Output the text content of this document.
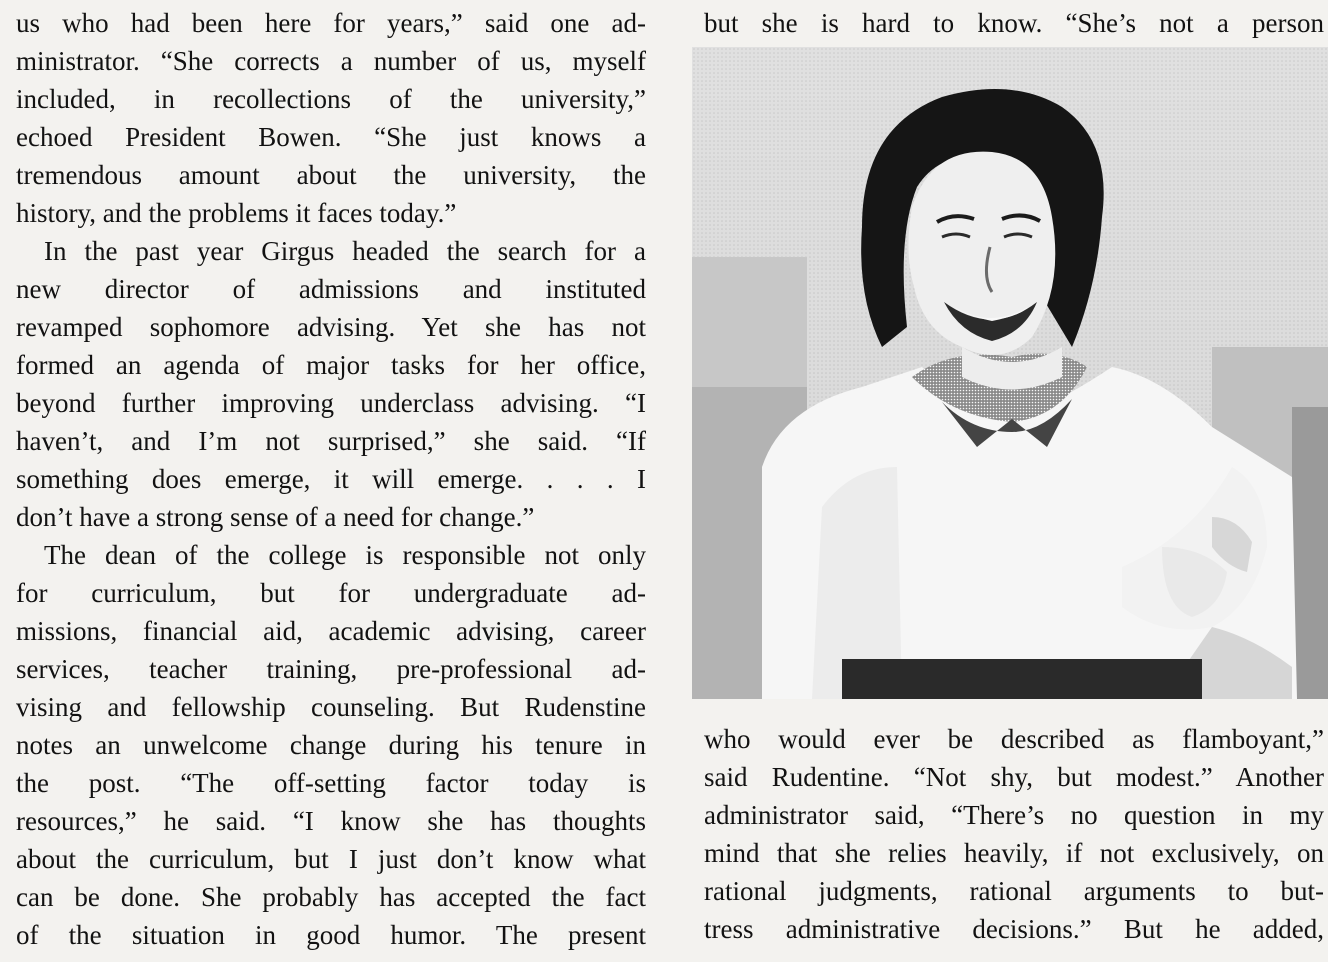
us who had been here for years,” said one ad-
ministrator. “She corrects a number of us, myself
included, in recollections of the university,”
echoed President Bowen. “She just knows a
tremendous amount about the university, the
history, and the problems it faces today.”
In the past year Girgus headed the search for a
new director of admissions and instituted
revamped sophomore advising. Yet she has not
formed an agenda of major tasks for her office,
beyond further improving underclass advising. “I
haven’t, and I’m not surprised,” she said. “If
something does emerge, it will emerge. . . . I
don’t have a strong sense of a need for change.”
The dean of the college is responsible not only
for curriculum, but for undergraduate ad-
missions, financial aid, academic advising, career
services, teacher training, pre-professional ad-
vising and fellowship counseling. But Rudenstine
notes an unwelcome change during his tenure in
the post. “The off-setting factor today is
resources,” he said. “I know she has thoughts
about the curriculum, but I just don’t know what
can be done. She probably has accepted the fact
of the situation in good humor. The present
but she is hard to know. “She’s not a person
who would ever be described as flamboyant,”
said Rudentine. “Not shy, but modest.” Another
administrator said, “There’s no question in my
mind that she relies heavily, if not exclusively, on
rational judgments, rational arguments to but-
tress administrative decisions.” But he added,
